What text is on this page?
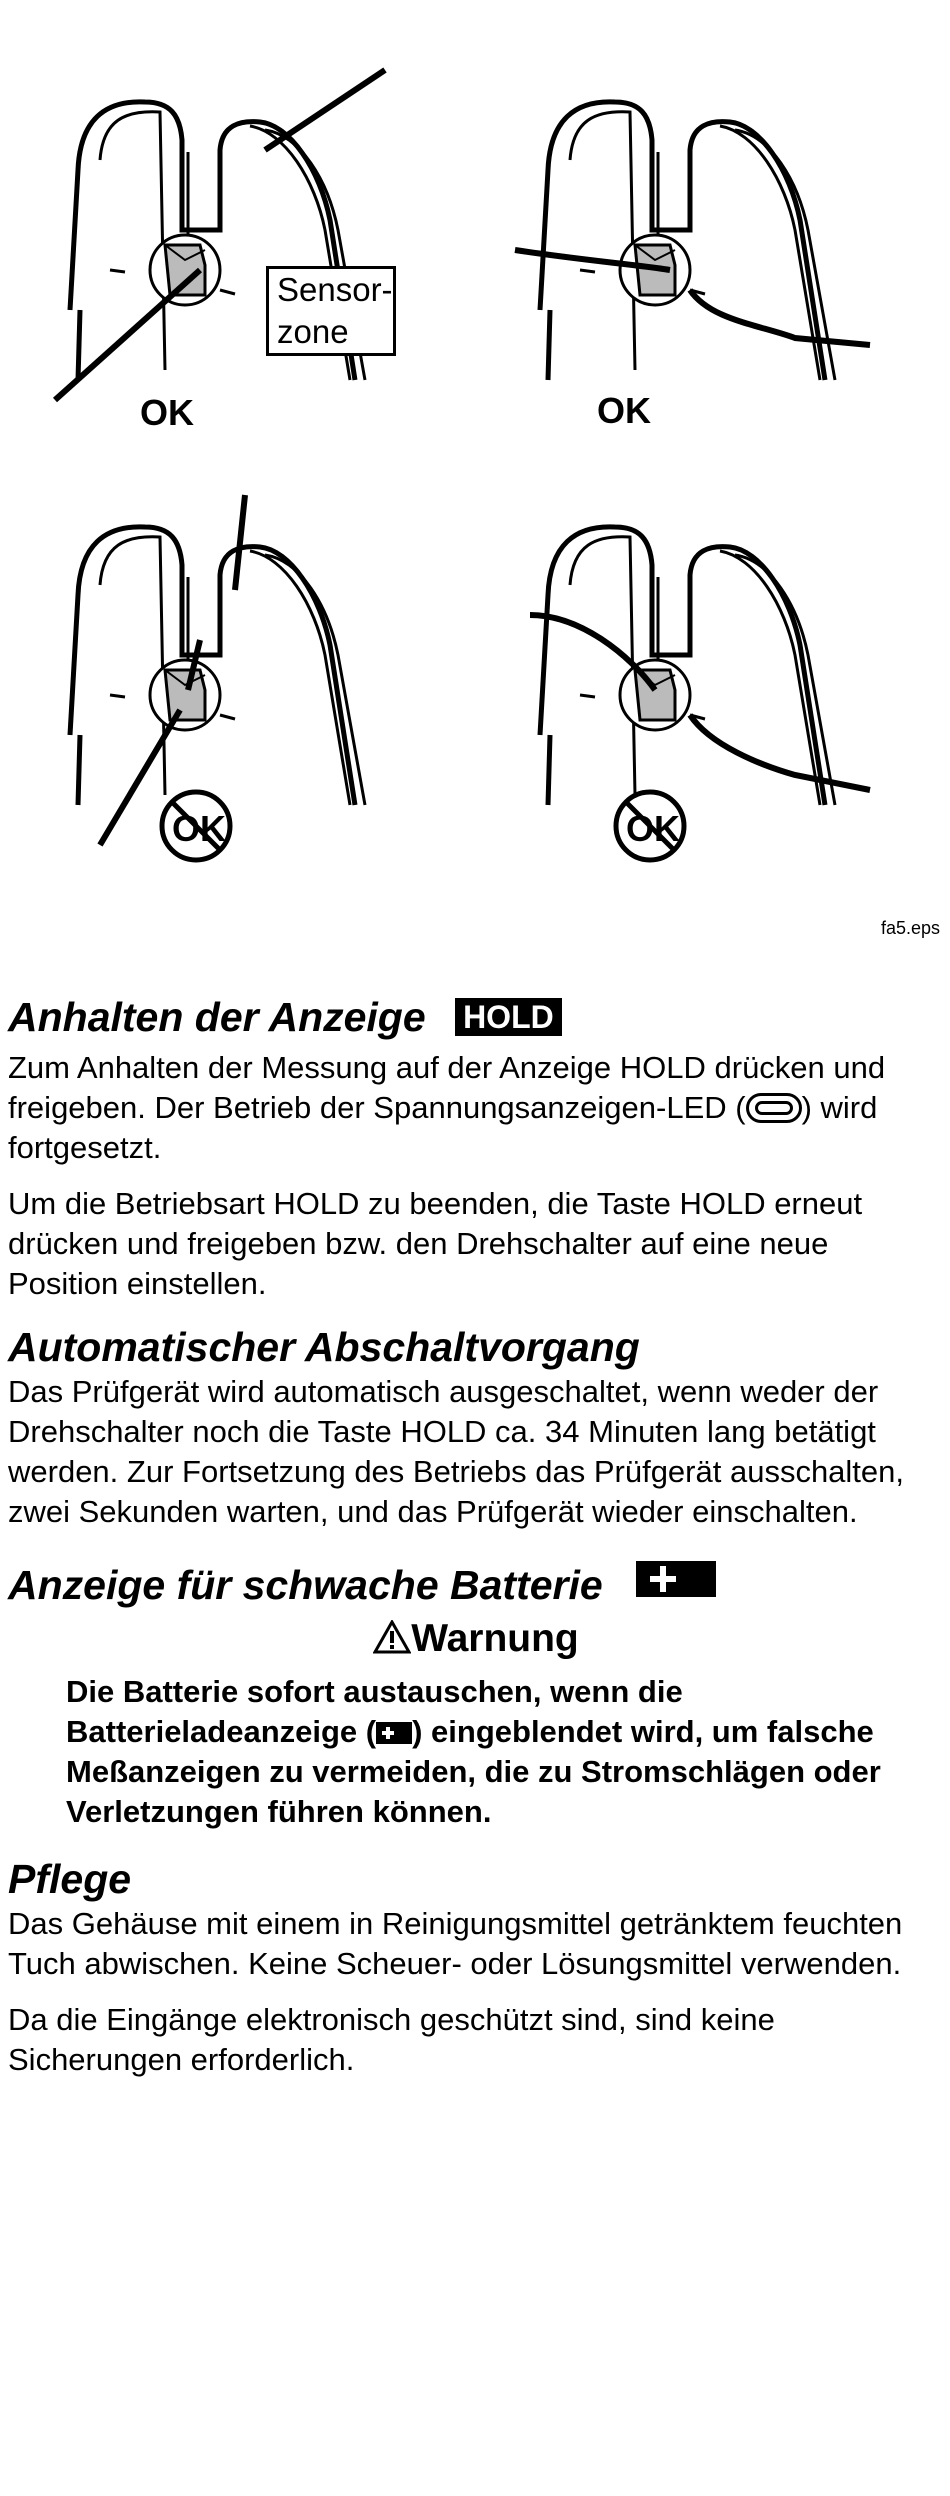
Sensor-
zone
OK	OK
OK	OK
fa5.eps
Anhalten der Anzeige HOLD

Zum Anhalten der Messung auf der Anzeige HOLD drücken und freigeben. Der Betrieb der Spannungsanzeigen-LED ( ) wird fortgesetzt.

Um die Betriebsart HOLD zu beenden, die Taste HOLD erneut drücken und freigeben bzw. den Drehschalter auf eine neue Position einstellen.

Automatischer Abschaltvorgang

Das Prüfgerät wird automatisch ausgeschaltet, wenn weder der Drehschalter noch die Taste HOLD ca. 34 Minuten lang betätigt werden. Zur Fortsetzung des Betriebs das Prüfgerät ausschalten, zwei Sekunden warten, und das Prüfgerät wieder einschalten.

Anzeige für schwache Batterie
Warnung
Die Batterie sofort austauschen, wenn die Batterieladeanzeige ( ) eingeblendet wird, um falsche Meßanzeigen zu vermeiden, die zu Stromschlägen oder Verletzungen führen können.
Pflege

Das Gehäuse mit einem in Reinigungsmittel getränktem feuchten Tuch abwischen. Keine Scheuer- oder Lösungsmittel verwenden.

Da die Eingänge elektronisch geschützt sind, sind keine Sicherungen erforderlich.
